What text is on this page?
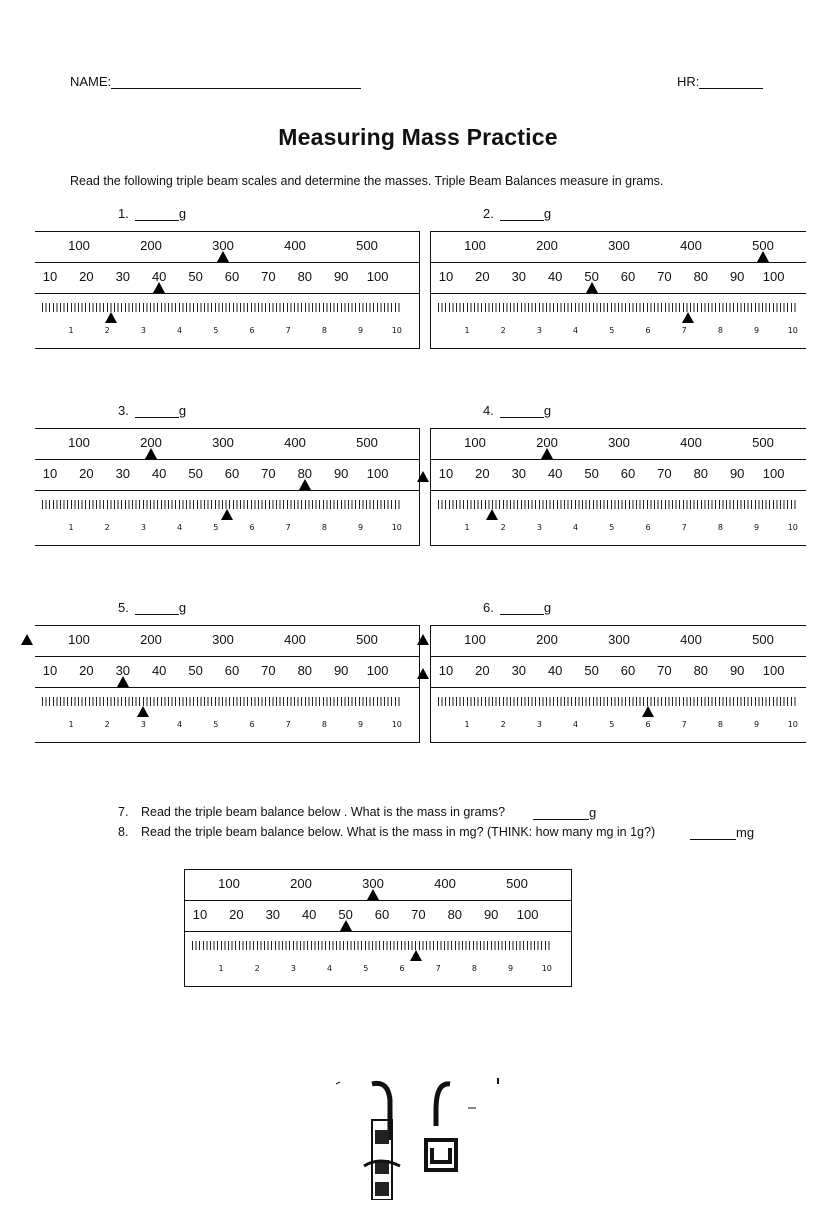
NAME:	HR:
Measuring Mass Practice
Read the following triple beam scales and determine the masses. Triple Beam Balances measure in grams.
1.	g	2.	g
3.	g	4.	g
5.	g	6.	g
100	200	300	400	500
10 20 30 40 50 60 70 80 90 100
1	2	3	4	5	6	7	8	9	10
100	200	300	400	500
10 20 30 40 50 60 70 80 90 100
1	2	3	4	5	6	7	8	9	10
100	200	300	400	500
10 20 30 40 50 60 70 80 90 100
1	2	3	4	5	6	7	8	9	10
100	200	300	400	500
10 20 30 40 50 60 70 80 90 100
1	2	3	4	5	6	7	8	9	10
100	200	300	400	500
10 20 30 40 50 60 70 80 90 100
1	2	3	4	5	6	7	8	9	10
100	200	300	400	500
10 20 30 40 50 60 70 80 90 100
1	2	3	4	5	6	7	8	9	10
7. Read the triple beam balance below . What is the mass in grams?	g
8. Read the triple beam balance below. What is the mass in mg? (THINK: how many mg in 1g?)	mg
100	200	300	400	500
10 20 30 40 50 60 70 80 90 100
1	2	3	4	5	6	7	8	9	10
